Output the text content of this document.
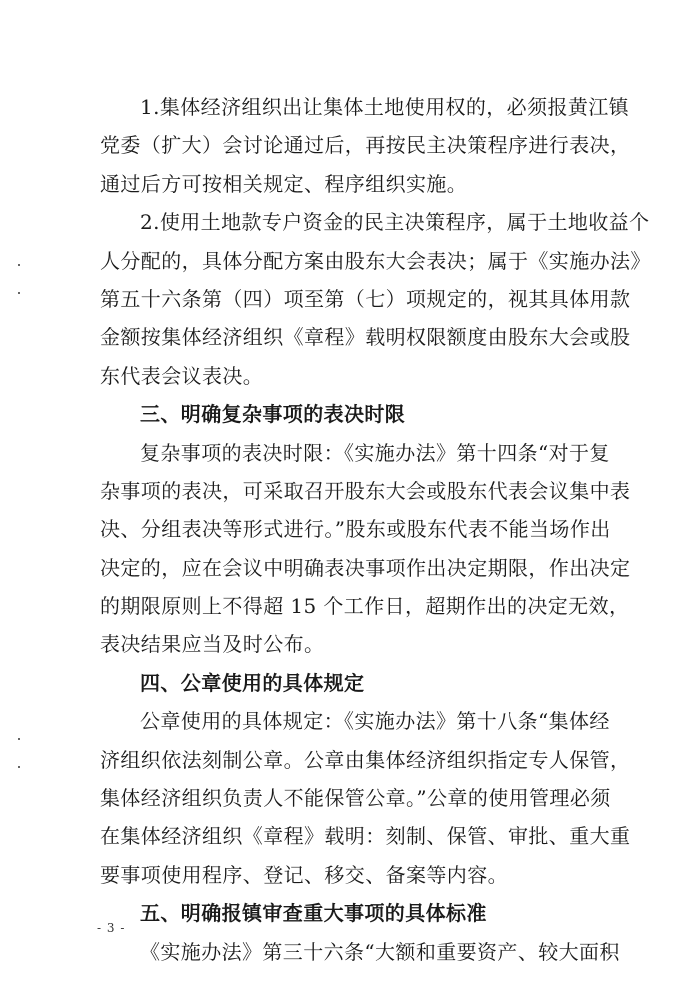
1.集体经济组织出让集体土地使用权的，必须报黄江镇
党委（扩大）会讨论通过后，再按民主决策程序进行表决，
通过后方可按相关规定、程序组织实施。
2.使用土地款专户资金的民主决策程序，属于土地收益个
人分配的，具体分配方案由股东大会表决；属于《实施办法》
第五十六条第（四）项至第（七）项规定的，视其具体用款
金额按集体经济组织《章程》载明权限额度由股东大会或股
东代表会议表决。
三、明确复杂事项的表决时限
复杂事项的表决时限：《实施办法》第十四条“对于复
杂事项的表决，可采取召开股东大会或股东代表会议集中表
决、分组表决等形式进行。”股东或股东代表不能当场作出
决定的，应在会议中明确表决事项作出决定期限，作出决定
的期限原则上不得超 15 个工作日，超期作出的决定无效，
表决结果应当及时公布。
四、公章使用的具体规定
公章使用的具体规定：《实施办法》第十八条“集体经
济组织依法刻制公章。公章由集体经济组织指定专人保管，
集体经济组织负责人不能保管公章。”公章的使用管理必须
在集体经济组织《章程》载明：刻制、保管、审批、重大重
要事项使用程序、登记、移交、备案等内容。
五、明确报镇审查重大事项的具体标准
《实施办法》第三十六条“大额和重要资产、较大面积
- 3 -
